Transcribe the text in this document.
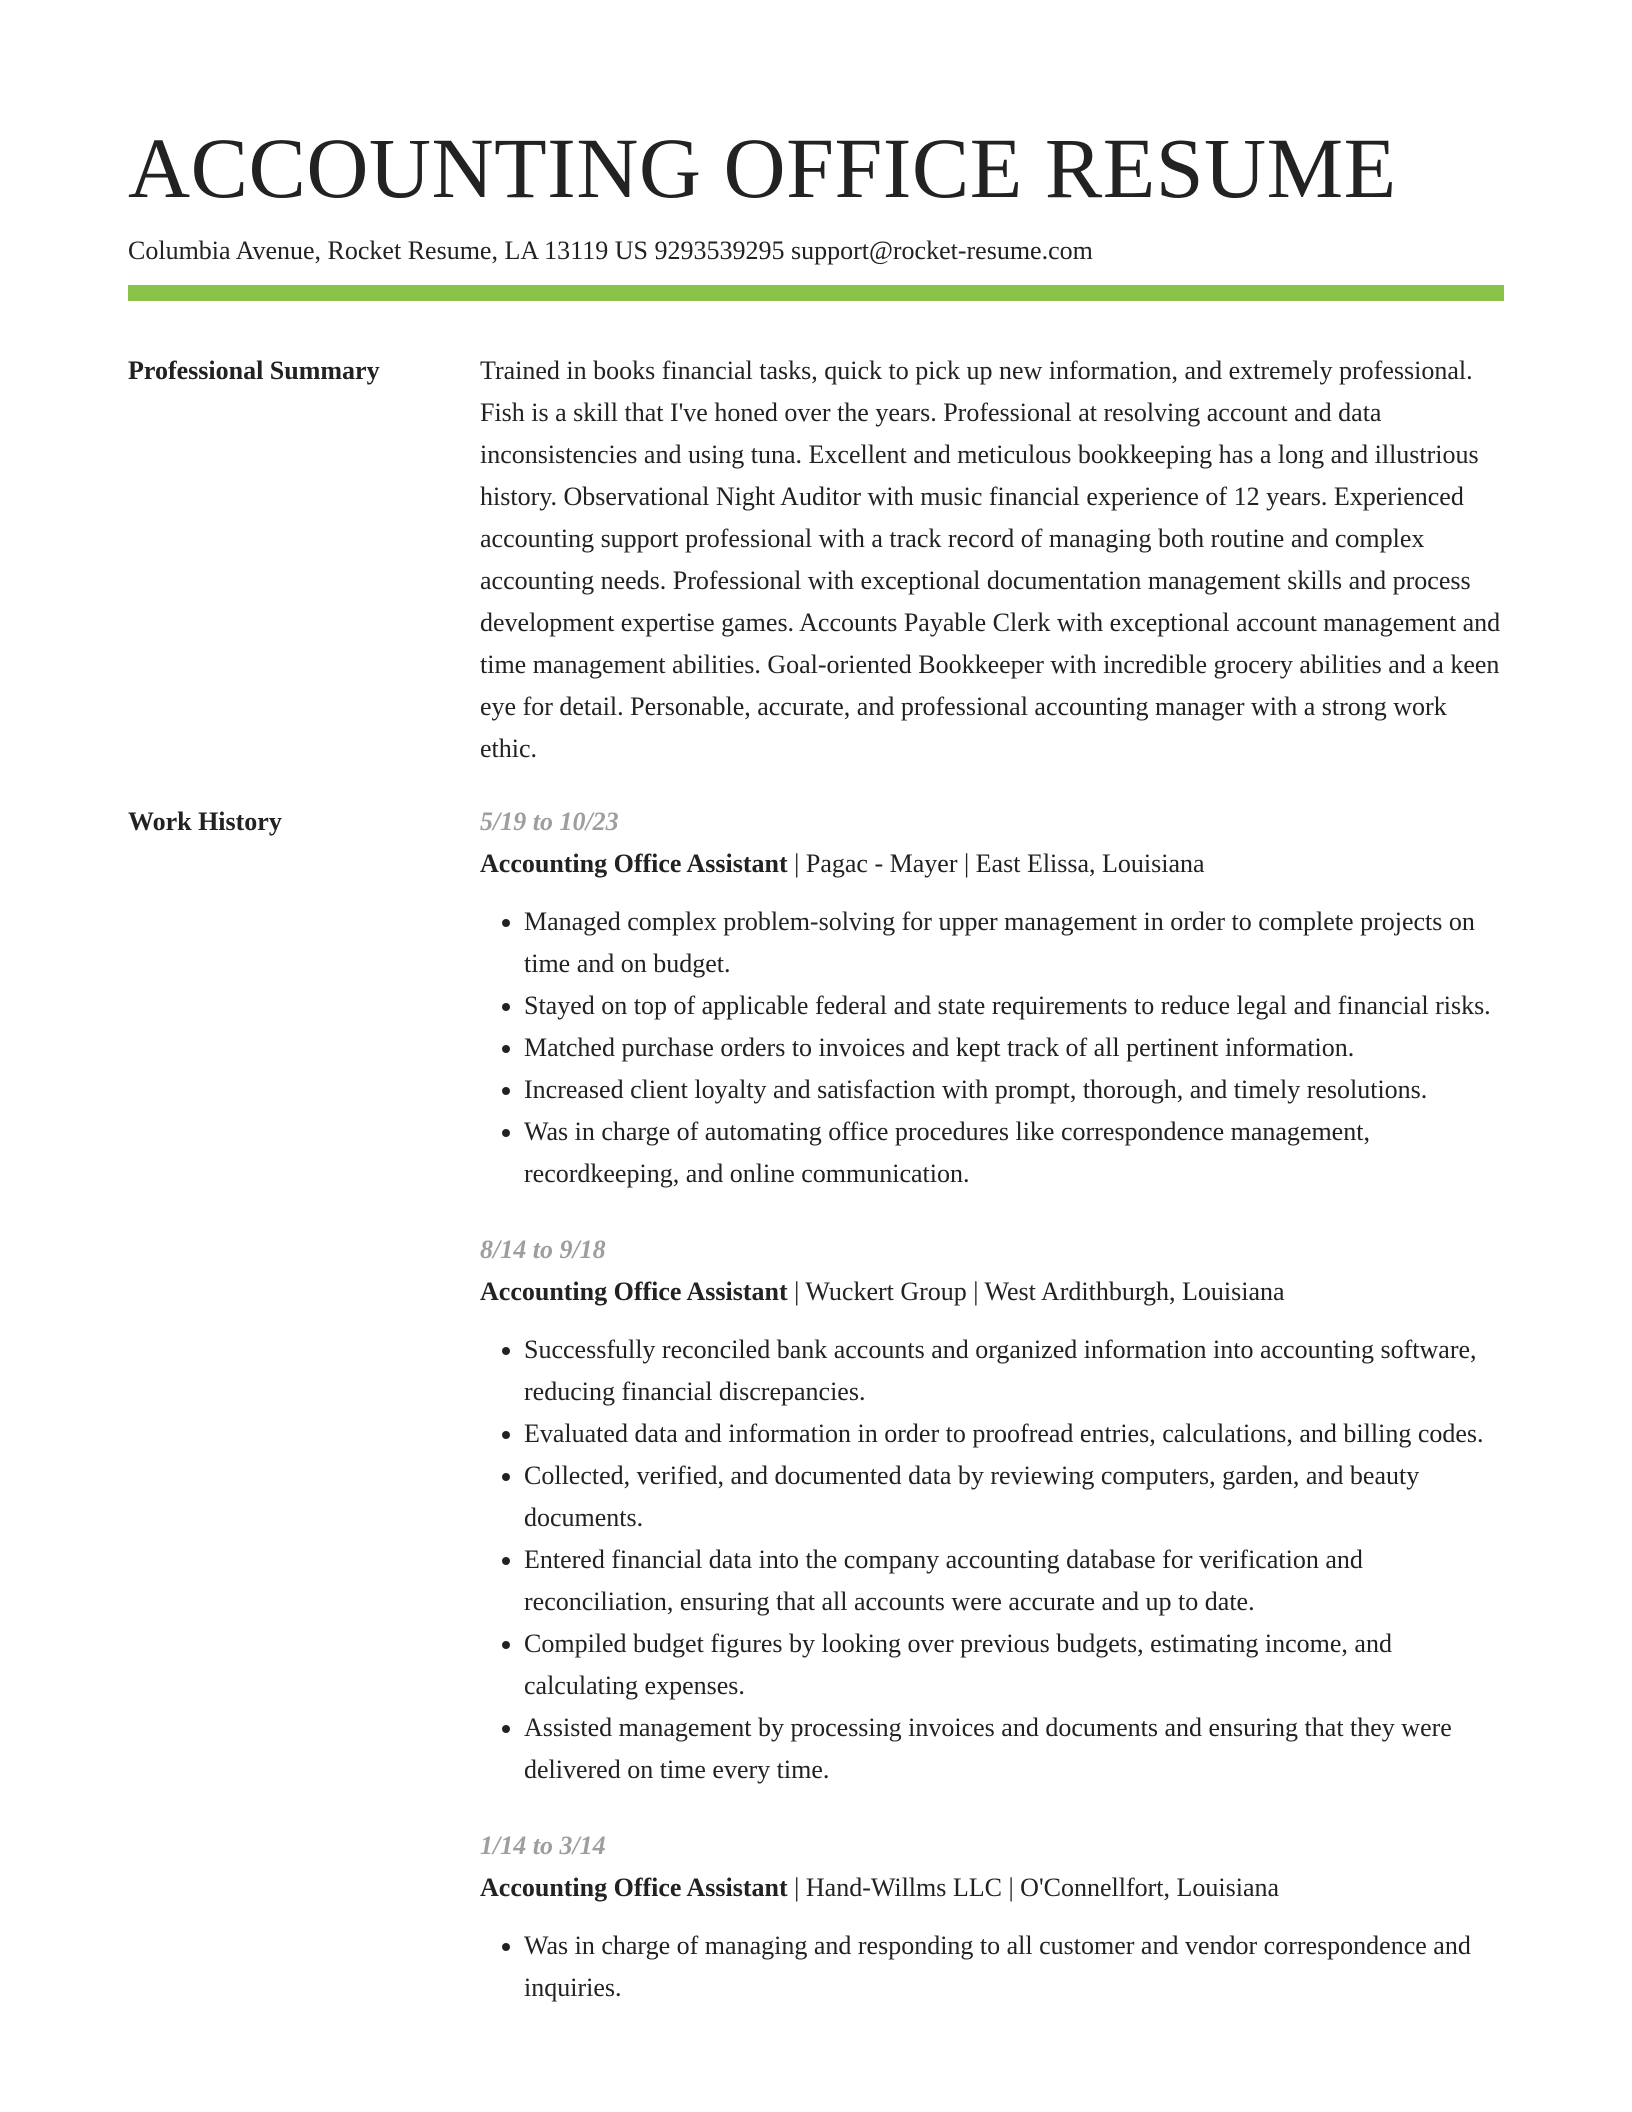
ACCOUNTING OFFICE RESUME
Columbia Avenue, Rocket Resume, LA 13119 US 9293539295 support@rocket-resume.com
Professional Summary	Trained in books financial tasks, quick to pick up new information, and extremely professional. Fish is a skill that I've honed over the years. Professional at resolving account and data inconsistencies and using tuna. Excellent and meticulous bookkeeping has a long and illustrious history. Observational Night Auditor with music financial experience of 12 years. Experienced accounting support professional with a track record of managing both routine and complex accounting needs. Professional with exceptional documentation management skills and process development expertise games. Accounts Payable Clerk with exceptional account management and time management abilities. Goal-oriented Bookkeeper with incredible grocery abilities and a keen eye for detail. Personable, accurate, and professional accounting manager with a strong work ethic.

Work History	5/19 to 10/23
Accounting Office Assistant | Pagac - Mayer | East Elissa, Louisiana
• Managed complex problem-solving for upper management in order to complete projects on time and on budget.
• Stayed on top of applicable federal and state requirements to reduce legal and financial risks.
• Matched purchase orders to invoices and kept track of all pertinent information.
• Increased client loyalty and satisfaction with prompt, thorough, and timely resolutions.
• Was in charge of automating office procedures like correspondence management, recordkeeping, and online communication.
8/14 to 9/18
Accounting Office Assistant | Wuckert Group | West Ardithburgh, Louisiana
• Successfully reconciled bank accounts and organized information into accounting software, reducing financial discrepancies.
• Evaluated data and information in order to proofread entries, calculations, and billing codes.
• Collected, verified, and documented data by reviewing computers, garden, and beauty documents.
• Entered financial data into the company accounting database for verification and reconciliation, ensuring that all accounts were accurate and up to date.
• Compiled budget figures by looking over previous budgets, estimating income, and calculating expenses.
• Assisted management by processing invoices and documents and ensuring that they were delivered on time every time.
1/14 to 3/14
Accounting Office Assistant | Hand-Willms LLC | O'Connellfort, Louisiana
• Was in charge of managing and responding to all customer and vendor correspondence and inquiries.
